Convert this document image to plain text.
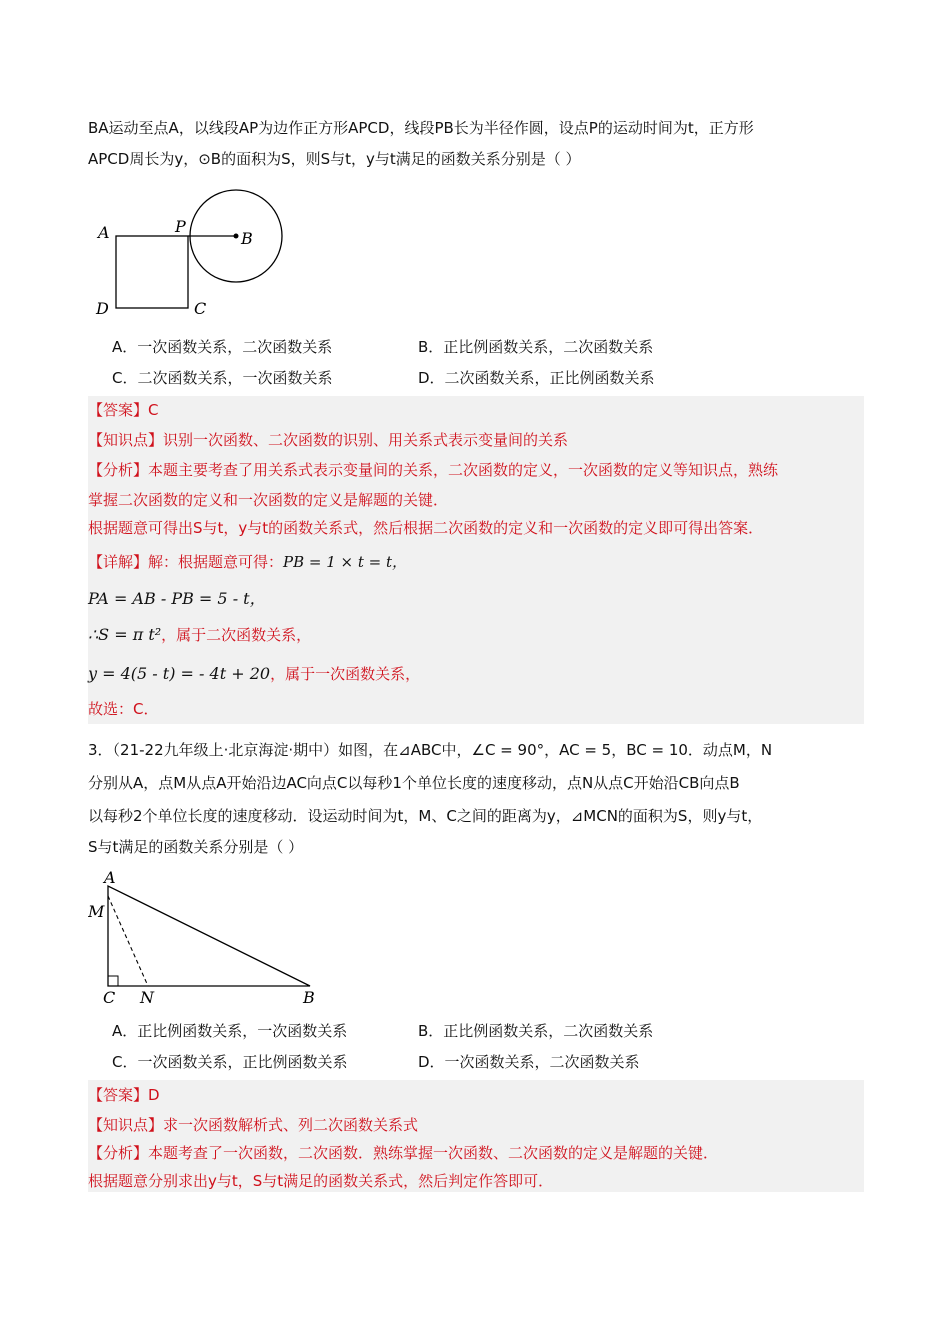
BA运动至点A，以线段AP为边作正方形APCD，线段PB长为半径作圆，设点P的运动时间为t，正方形
APCD周长为y，⊙B的面积为S，则S与t，y与t满足的函数关系分别是（ ）
A	P
B
D	C
A．一次函数关系，二次函数关系	B．正比例函数关系，二次函数关系
C．二次函数关系，一次函数关系	D．二次函数关系，正比例函数关系
【答案】C
【知识点】识别一次函数、二次函数的识别、用关系式表示变量间的关系
【分析】本题主要考查了用关系式表示变量间的关系，二次函数的定义，一次函数的定义等知识点，熟练
掌握二次函数的定义和一次函数的定义是解题的关键．
根据题意可得出S与t，y与t的函数关系式，然后根据二次函数的定义和一次函数的定义即可得出答案．
【详解】解：根据题意可得：PB = 1 × t = t，
PA = AB - PB = 5 - t，
∴S = π t²，属于二次函数关系，
y = 4(5 - t) = - 4t + 20，属于一次函数关系，
故选：C．
3．（21-22九年级上·北京海淀·期中）如图，在⊿ABC中，∠C = 90°，AC = 5，BC = 10．动点M，N
分别从A，点M从点A开始沿边AC向点C以每秒1个单位长度的速度移动，点N从点C开始沿CB向点B
以每秒2个单位长度的速度移动．设运动时间为t，M、C之间的距离为y，⊿MCN的面积为S，则y与t，
S与t满足的函数关系分别是（ ）
A
M
C N	B
A．正比例函数关系，一次函数关系	B．正比例函数关系，二次函数关系
C．一次函数关系，正比例函数关系	D．一次函数关系，二次函数关系
【答案】D
【知识点】求一次函数解析式、列二次函数关系式
【分析】本题考查了一次函数，二次函数．熟练掌握一次函数、二次函数的定义是解题的关键．
根据题意分别求出y与t，S与t满足的函数关系式，然后判定作答即可．
